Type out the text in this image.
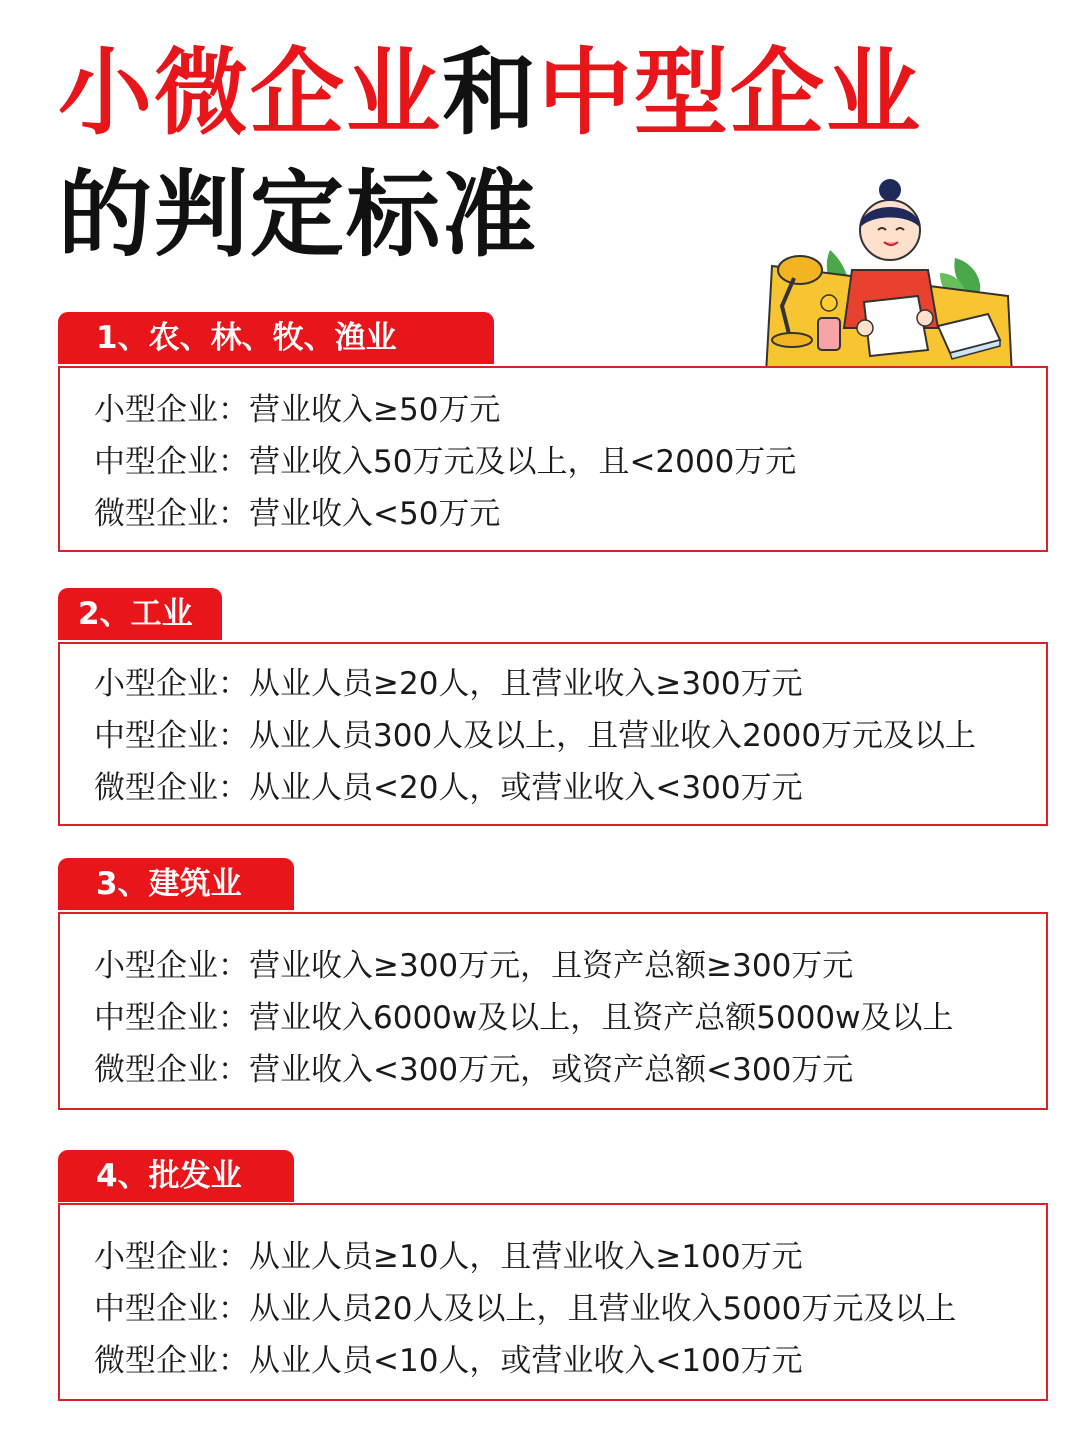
小微企业和中型企业
的判定标准
1、农、林、牧、渔业
小型企业：营业收入≥50万元
中型企业：营业收入50万元及以上，且<2000万元
微型企业：营业收入<50万元
2、工业
小型企业：从业人员≥20人，且营业收入≥300万元
中型企业：从业人员300人及以上，且营业收入2000万元及以上
微型企业：从业人员<20人，或营业收入<300万元
3、建筑业
小型企业：营业收入≥300万元，且资产总额≥300万元
中型企业：营业收入6000w及以上，且资产总额5000w及以上
微型企业：营业收入<300万元，或资产总额<300万元
4、批发业
小型企业：从业人员≥10人，且营业收入≥100万元
中型企业：从业人员20人及以上，且营业收入5000万元及以上
微型企业：从业人员<10人，或营业收入<100万元
